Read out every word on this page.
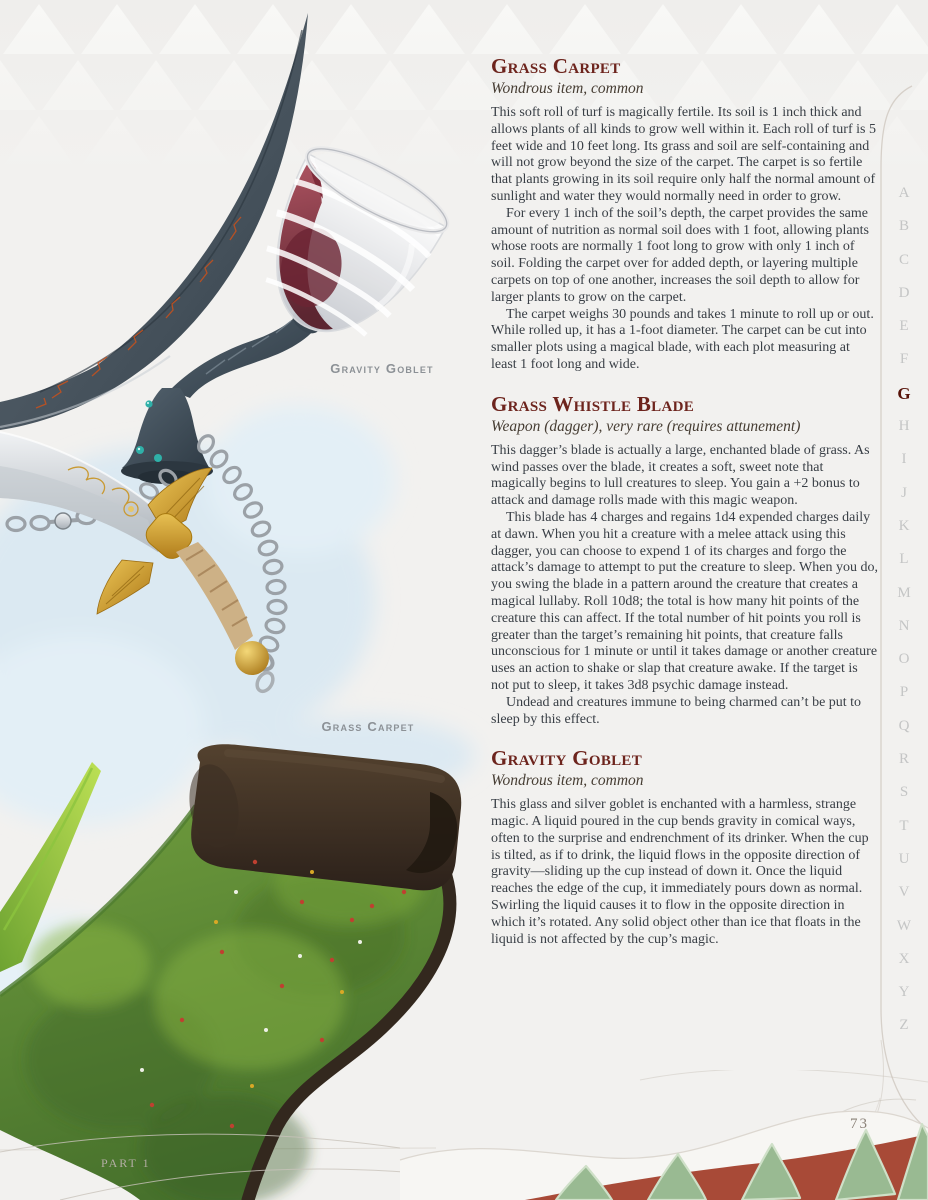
Grass Carpet

Wondrous item, common

This soft roll of turf is magically fertile. Its soil is 1 inch thick and allows plants of all kinds to grow well within it. Each roll of turf is 5 feet wide and 10 feet long. Its grass and soil are self-containing and will not grow beyond the size of the carpet. The carpet is so fertile that plants growing in its soil require only half the normal amount of sunlight and water they would normally need in order to grow.

For every 1 inch of the soil’s depth, the carpet provides the same amount of nutrition as normal soil does with 1 foot, allowing plants whose roots are normally 1 foot long to grow with only 1 inch of soil. Folding the carpet over for added depth, or layering multiple carpets on top of one another, increases the soil depth to allow for larger plants to grow on the carpet.

The carpet weighs 30 pounds and takes 1 minute to roll up or out. While rolled up, it has a 1-foot diameter. The carpet can be cut into smaller plots using a magical blade, with each plot measuring at least 1 foot long and wide.

Grass Whistle Blade

Weapon (dagger), very rare (requires attunement)

This dagger’s blade is actually a large, enchanted blade of grass. As wind passes over the blade, it creates a soft, sweet note that magically begins to lull creatures to sleep. You gain a +2 bonus to attack and damage rolls made with this magic weapon.

This blade has 4 charges and regains 1d4 expended charges daily at dawn. When you hit a creature with a melee attack using this dagger, you can choose to expend 1 of its charges and forgo the attack’s damage to attempt to put the creature to sleep. When you do, you swing the blade in a pattern around the creature that creates a magical lullaby. Roll 10d8; the total is how many hit points of the creature this can affect. If the total number of hit points you roll is greater than the target’s remaining hit points, that creature falls unconscious for 1 minute or until it takes damage or another creature uses an action to shake or slap that creature awake. If the target is not put to sleep, it takes 3d8 psychic damage instead.

Undead and creatures immune to being charmed can’t be put to sleep by this effect.

Gravity Goblet

Wondrous item, common

This glass and silver goblet is enchanted with a harmless, strange magic. A liquid poured in the cup bends gravity in comical ways, often to the surprise and endrenchment of its drinker. When the cup is tilted, as if to drink, the liquid flows in the opposite direction of gravity—sliding up the cup instead of down it. Once the liquid reaches the edge of the cup, it immediately pours down as normal. Swirling the liquid causes it to flow in the opposite direction in which it’s rotated. Any solid object other than ice that floats in the liquid is not affected by the cup’s magic.

Gravity Goblet
Grass Carpet
A
B
C
D
E
F
G
H
I
J
K
L
M
N
O
P
Q
R
S
T
U
V
W
X
Y
Z
PART 1
73
